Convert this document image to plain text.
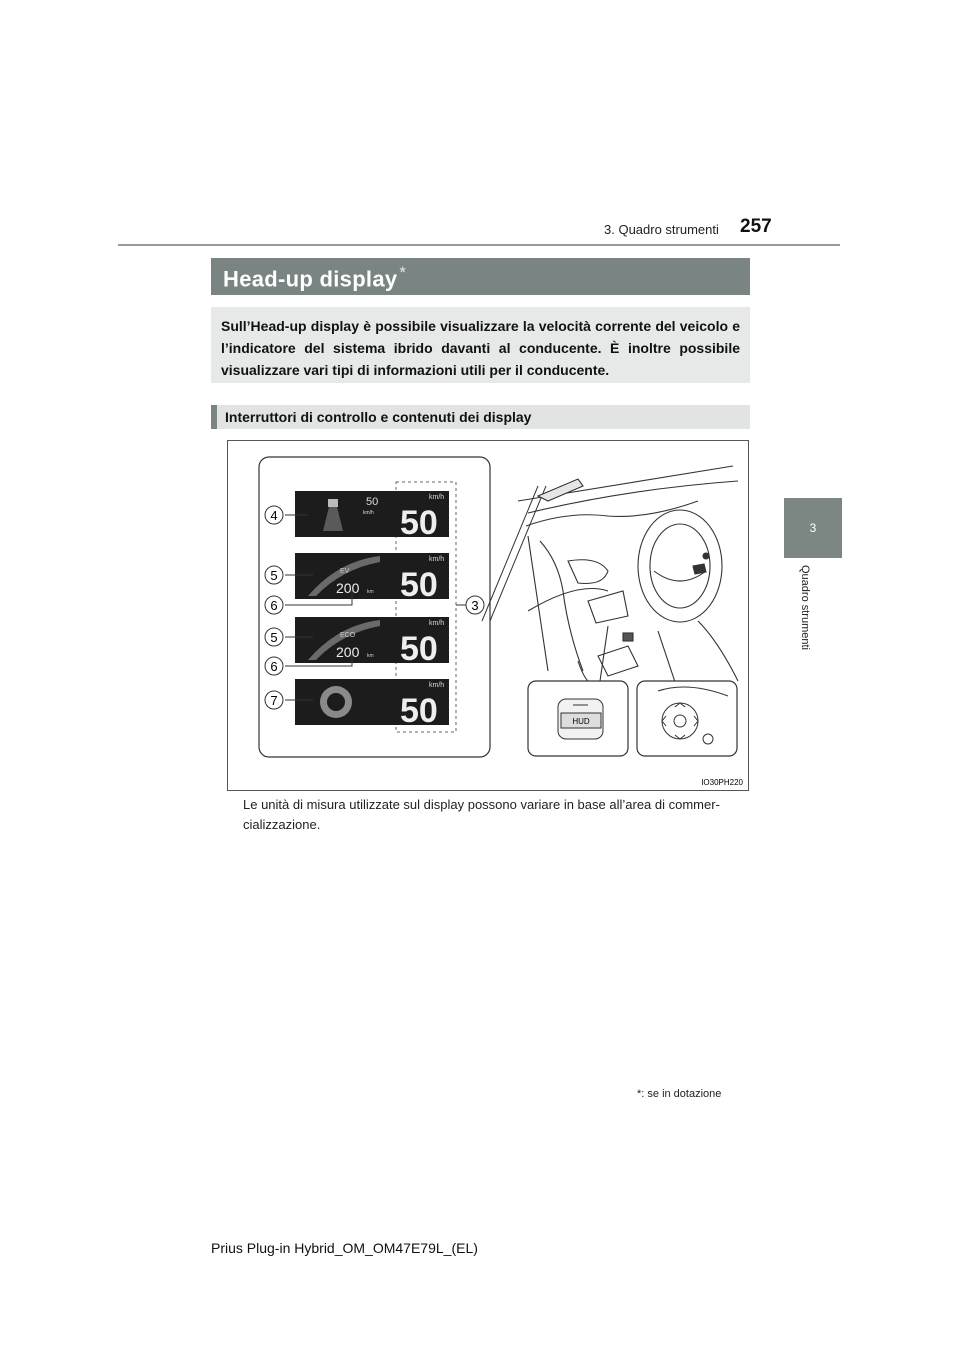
257
3. Quadro strumenti
3
Quadro strumenti
Head-up display *
Sull’Head-up display è possibile visualizzare la velocità corrente del veicolo e l’indicatore del sistema ibrido davanti al conducente. È inoltre possibile visualizzare vari tipi di informazioni utili per il conducente.
Interruttori di controllo e contenuti dei display
50
km/h
km/h
50
EV
200 km
km/h
50
ECO
200 km
km/h
50
km/h
50
4
5
6
5
6
7
3
HUD
IO30PH220
Le unità di misura utilizzate sul display possono variare in base all’area di commer-cializzazione.
*: se in dotazione
Prius Plug-in Hybrid_OM_OM47E79L_(EL)
